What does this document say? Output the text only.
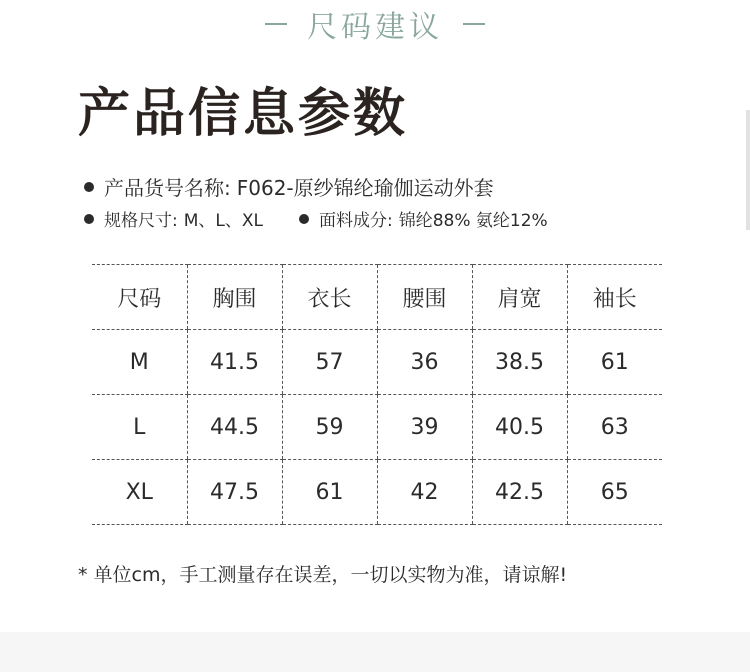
尺码建议
产品信息参数
产品货号名称: F062-原纱锦纶瑜伽运动外套
规格尺寸: M、L、XL	面料成分: 锦纶88% 氨纶12%
尺码	胸围	衣长	腰围	肩宽	袖长
M	41.5	57	36	38.5	61
L	44.5	59	39	40.5	63
XL	47.5	61	42	42.5	65
* 单位cm，手工测量存在误差，一切以实物为准，请谅解!
